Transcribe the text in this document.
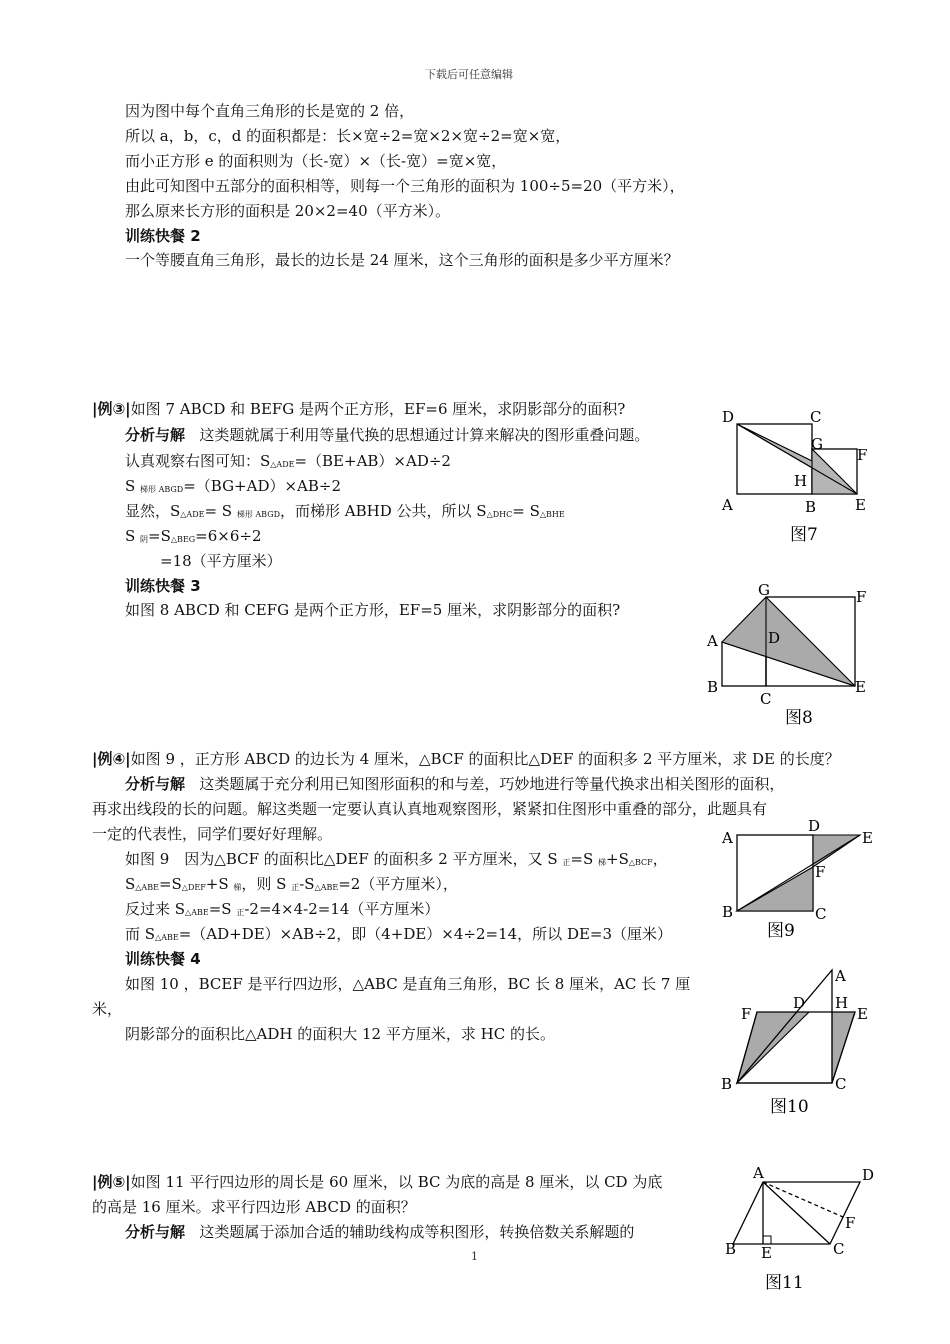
下载后可任意编辑
因为图中每个直角三角形的长是宽的 2 倍，
所以 a，b，c，d 的面积都是：长×宽÷2=宽×2×宽÷2=宽×宽，
而小正方形 e 的面积则为（长-宽）×（长-宽）=宽×宽，
由此可知图中五部分的面积相等，则每一个三角形的面积为 100÷5=20（平方米），
那么原来长方形的面积是 20×2=40（平方米）。
训练快餐 2
一个等腰直角三角形，最长的边长是 24 厘米，这个三角形的面积是多少平方厘米？
|例③|如图 7 ABCD 和 BEFG 是两个正方形，EF=6 厘米，求阴影部分的面积?
分析与解 这类题就属于利用等量代换的思想通过计算来解决的图形重叠问题。
认真观察右图可知：S△ADE=（BE+AB）×AD÷2
S 梯形 ABGD=（BG+AD）×AB÷2
显然，S△ADE= S 梯形 ABGD，而梯形 ABHD 公共，所以 S△DHC= S△BHE
S 阴=S△BEG=6×6÷2
=18（平方厘米）
训练快餐 3
如图 8 ABCD 和 CEFG 是两个正方形，EF=5 厘米，求阴影部分的面积?
|例④|如图 9 ，正方形 ABCD 的边长为 4 厘米，△BCF 的面积比△DEF 的面积多 2 平方厘米，求 DE 的长度？
分析与解 这类题属于充分利用已知图形面积的和与差，巧妙地进行等量代换求出相关图形的面积，
再求出线段的长的问题。解这类题一定要认真认真地观察图形，紧紧扣住图形中重叠的部分，此题具有
一定的代表性，同学们要好好理解。
如图 9　因为△BCF 的面积比△DEF 的面积多 2 平方厘米，又 S 正=S 梯+S△BCF，
S△ABE=S△DEF+S 梯，则 S 正-S△ABE=2（平方厘米），
反过来 S△ABE=S 正-2=4×4-2=14（平方厘米）
而 S△ABE=（AD+DE）×AB÷2，即（4+DE）×4÷2=14，所以 DE=3（厘米）
训练快餐 4
如图 10 ，BCEF 是平行四边形，△ABC 是直角三角形，BC 长 8 厘米，AC 长 7 厘
米，
阴影部分的面积比△ADH 的面积大 12 平方厘米，求 HC 的长。
|例⑤|如图 11 平行四边形的周长是 60 厘米，以 BC 为底的高是 8 厘米，以 CD 为底
的高是 16 厘米。求平行四边形 ABCD 的面积？
分析与解 这类题属于添加合适的辅助线构成等积图形，转换倍数关系解题的
1
D	C
G
H
F
A	B	E
图7
G	F
A	D
B
C
E
图8
A
D
E
F
B	C
图9
A
D H
F	E
B	C
图10
A	D
F
C
B E
图11
